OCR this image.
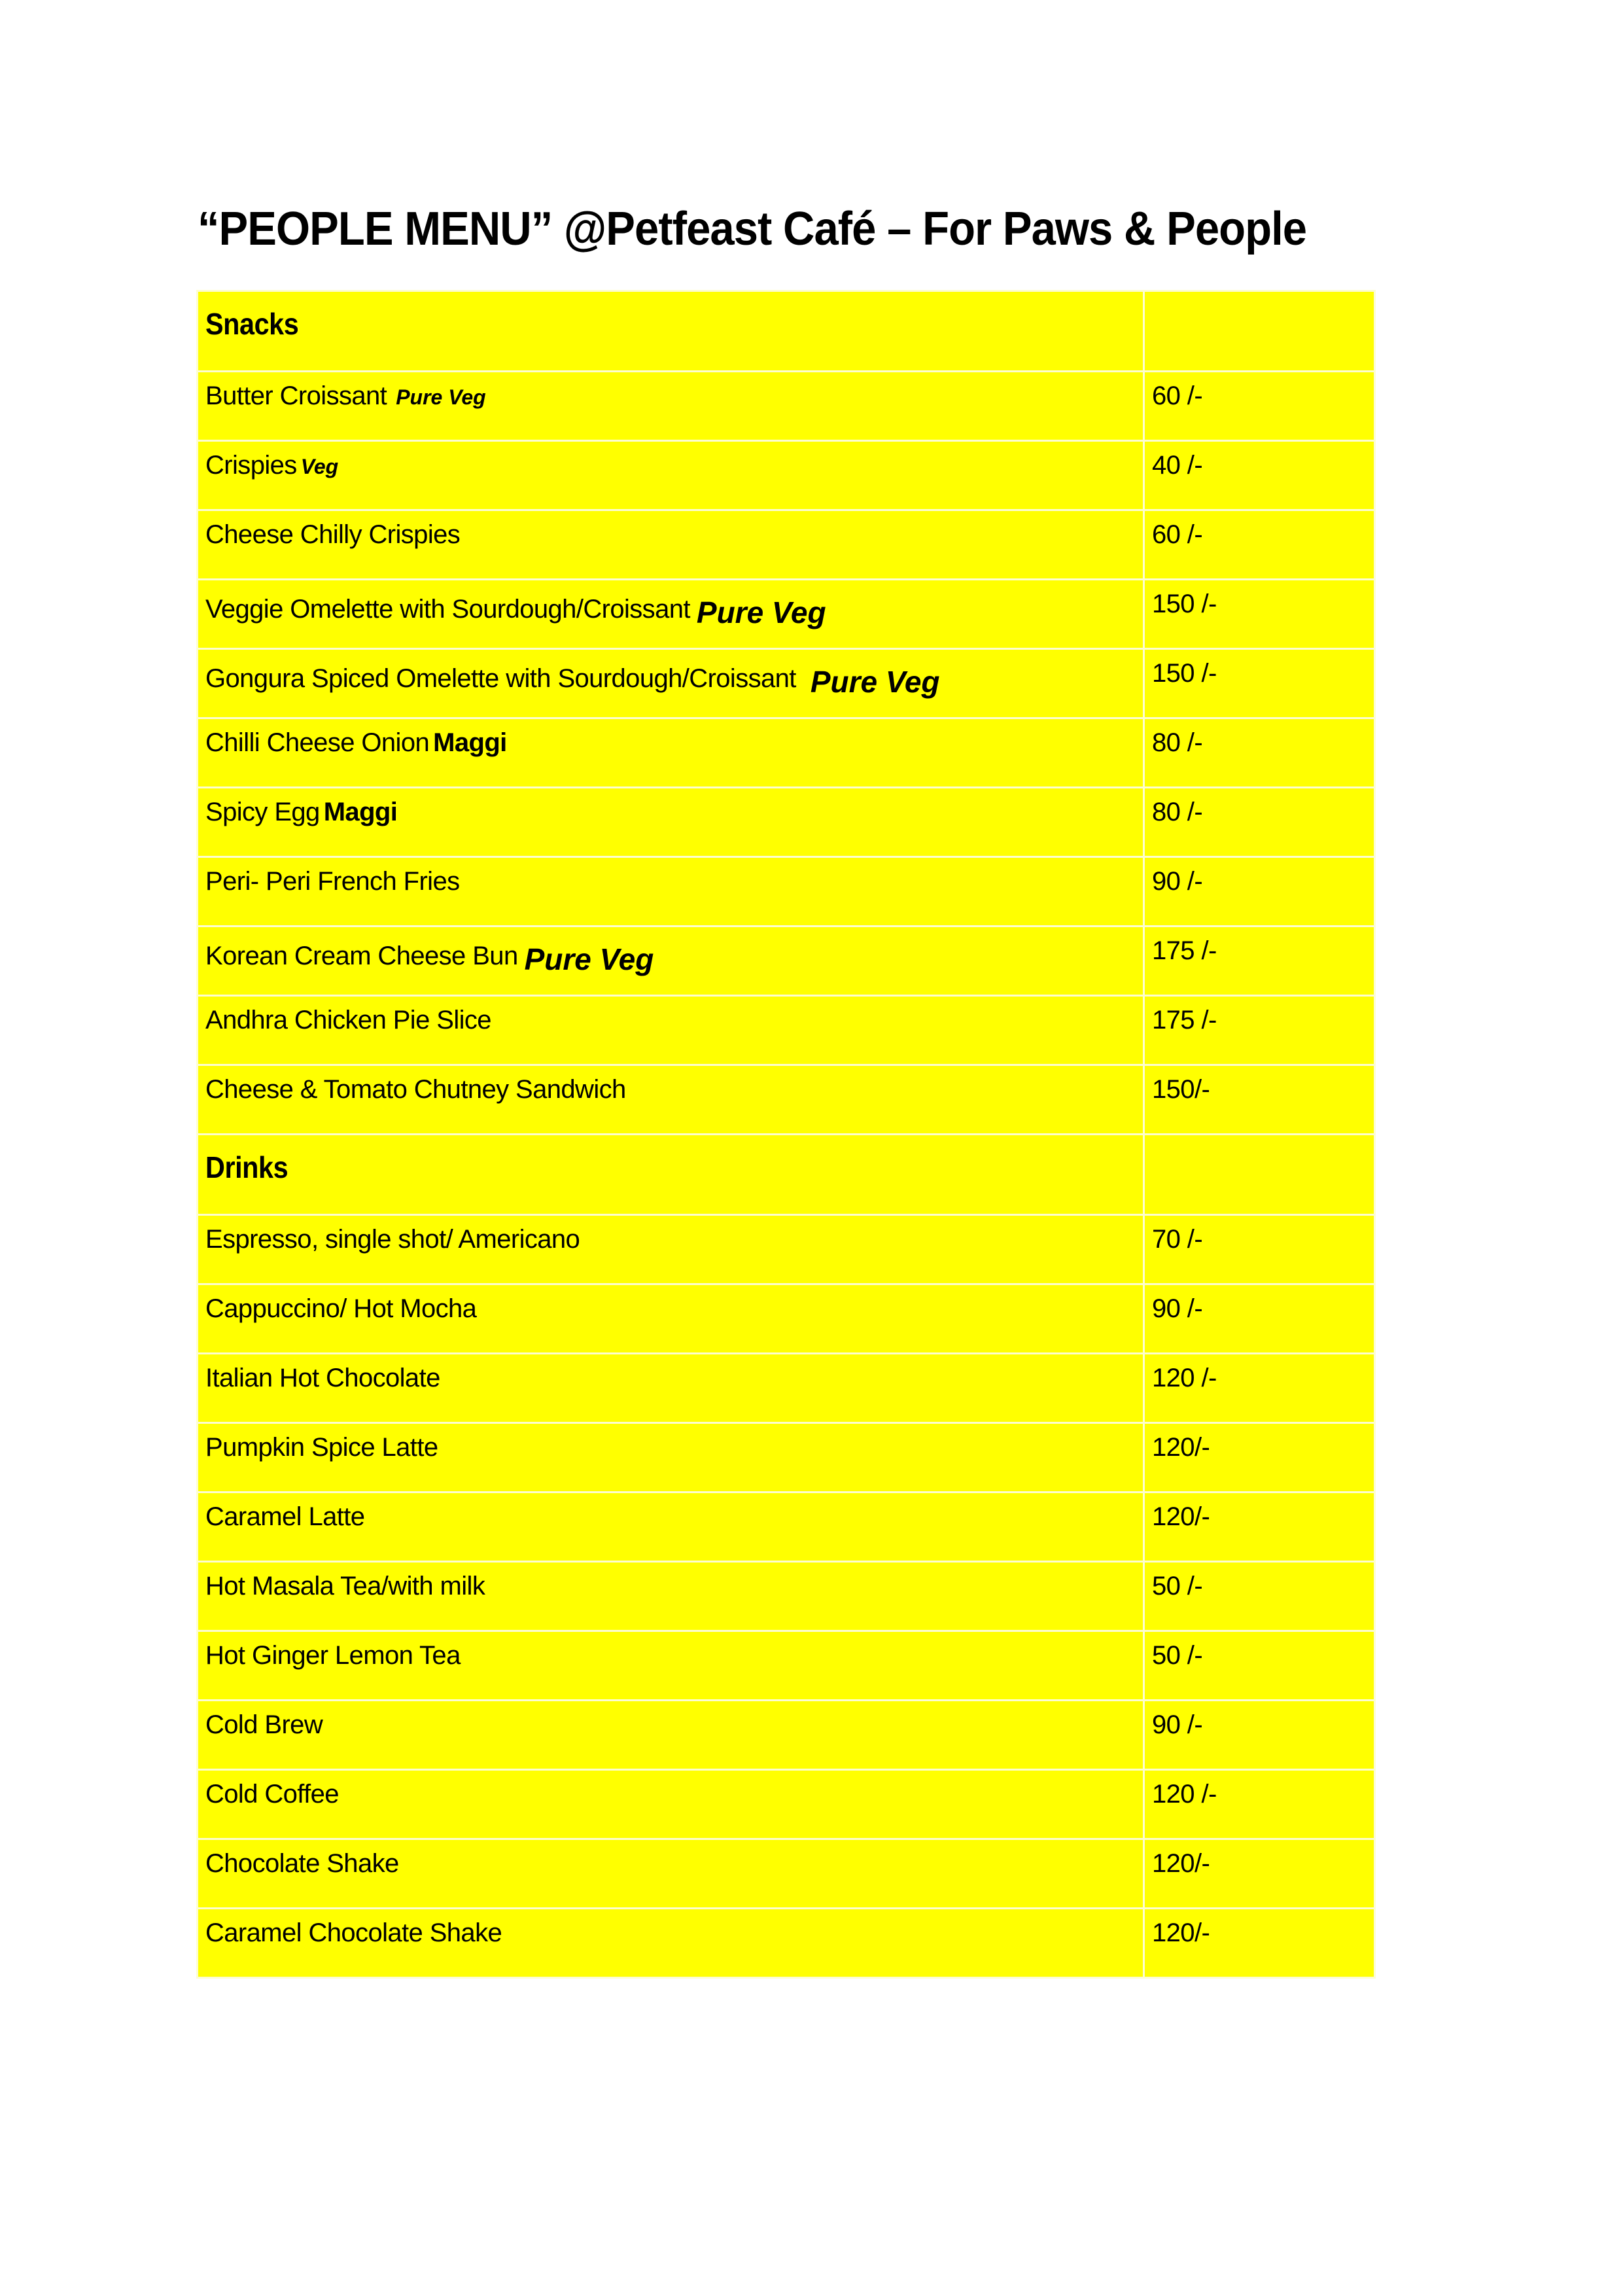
“PEOPLE MENU” @Petfeast Café – For Paws & People
Snacks	
Butter Croissant Pure Veg	60 /-
Crispies Veg	40 /-
Cheese Chilly Crispies	60 /-
Veggie Omelette with Sourdough/Croissant Pure Veg	150 /-
Gongura Spiced Omelette with Sourdough/Croissant Pure Veg	150 /-
Chilli Cheese Onion Maggi	80 /-
Spicy Egg Maggi	80 /-
Peri- Peri French Fries	90 /-
Korean Cream Cheese Bun Pure Veg	175 /-
Andhra Chicken Pie Slice	175 /-
Cheese & Tomato Chutney Sandwich	150/-
Drinks	
Espresso, single shot/ Americano	70 /-
Cappuccino/ Hot Mocha	90 /-
Italian Hot Chocolate	120 /-
Pumpkin Spice Latte	120/-
Caramel Latte	120/-
Hot Masala Tea/with milk	50 /-
Hot Ginger Lemon Tea	50 /-
Cold Brew	90 /-
Cold Coffee	120 /-
Chocolate Shake	120/-
Caramel Chocolate Shake	120/-
